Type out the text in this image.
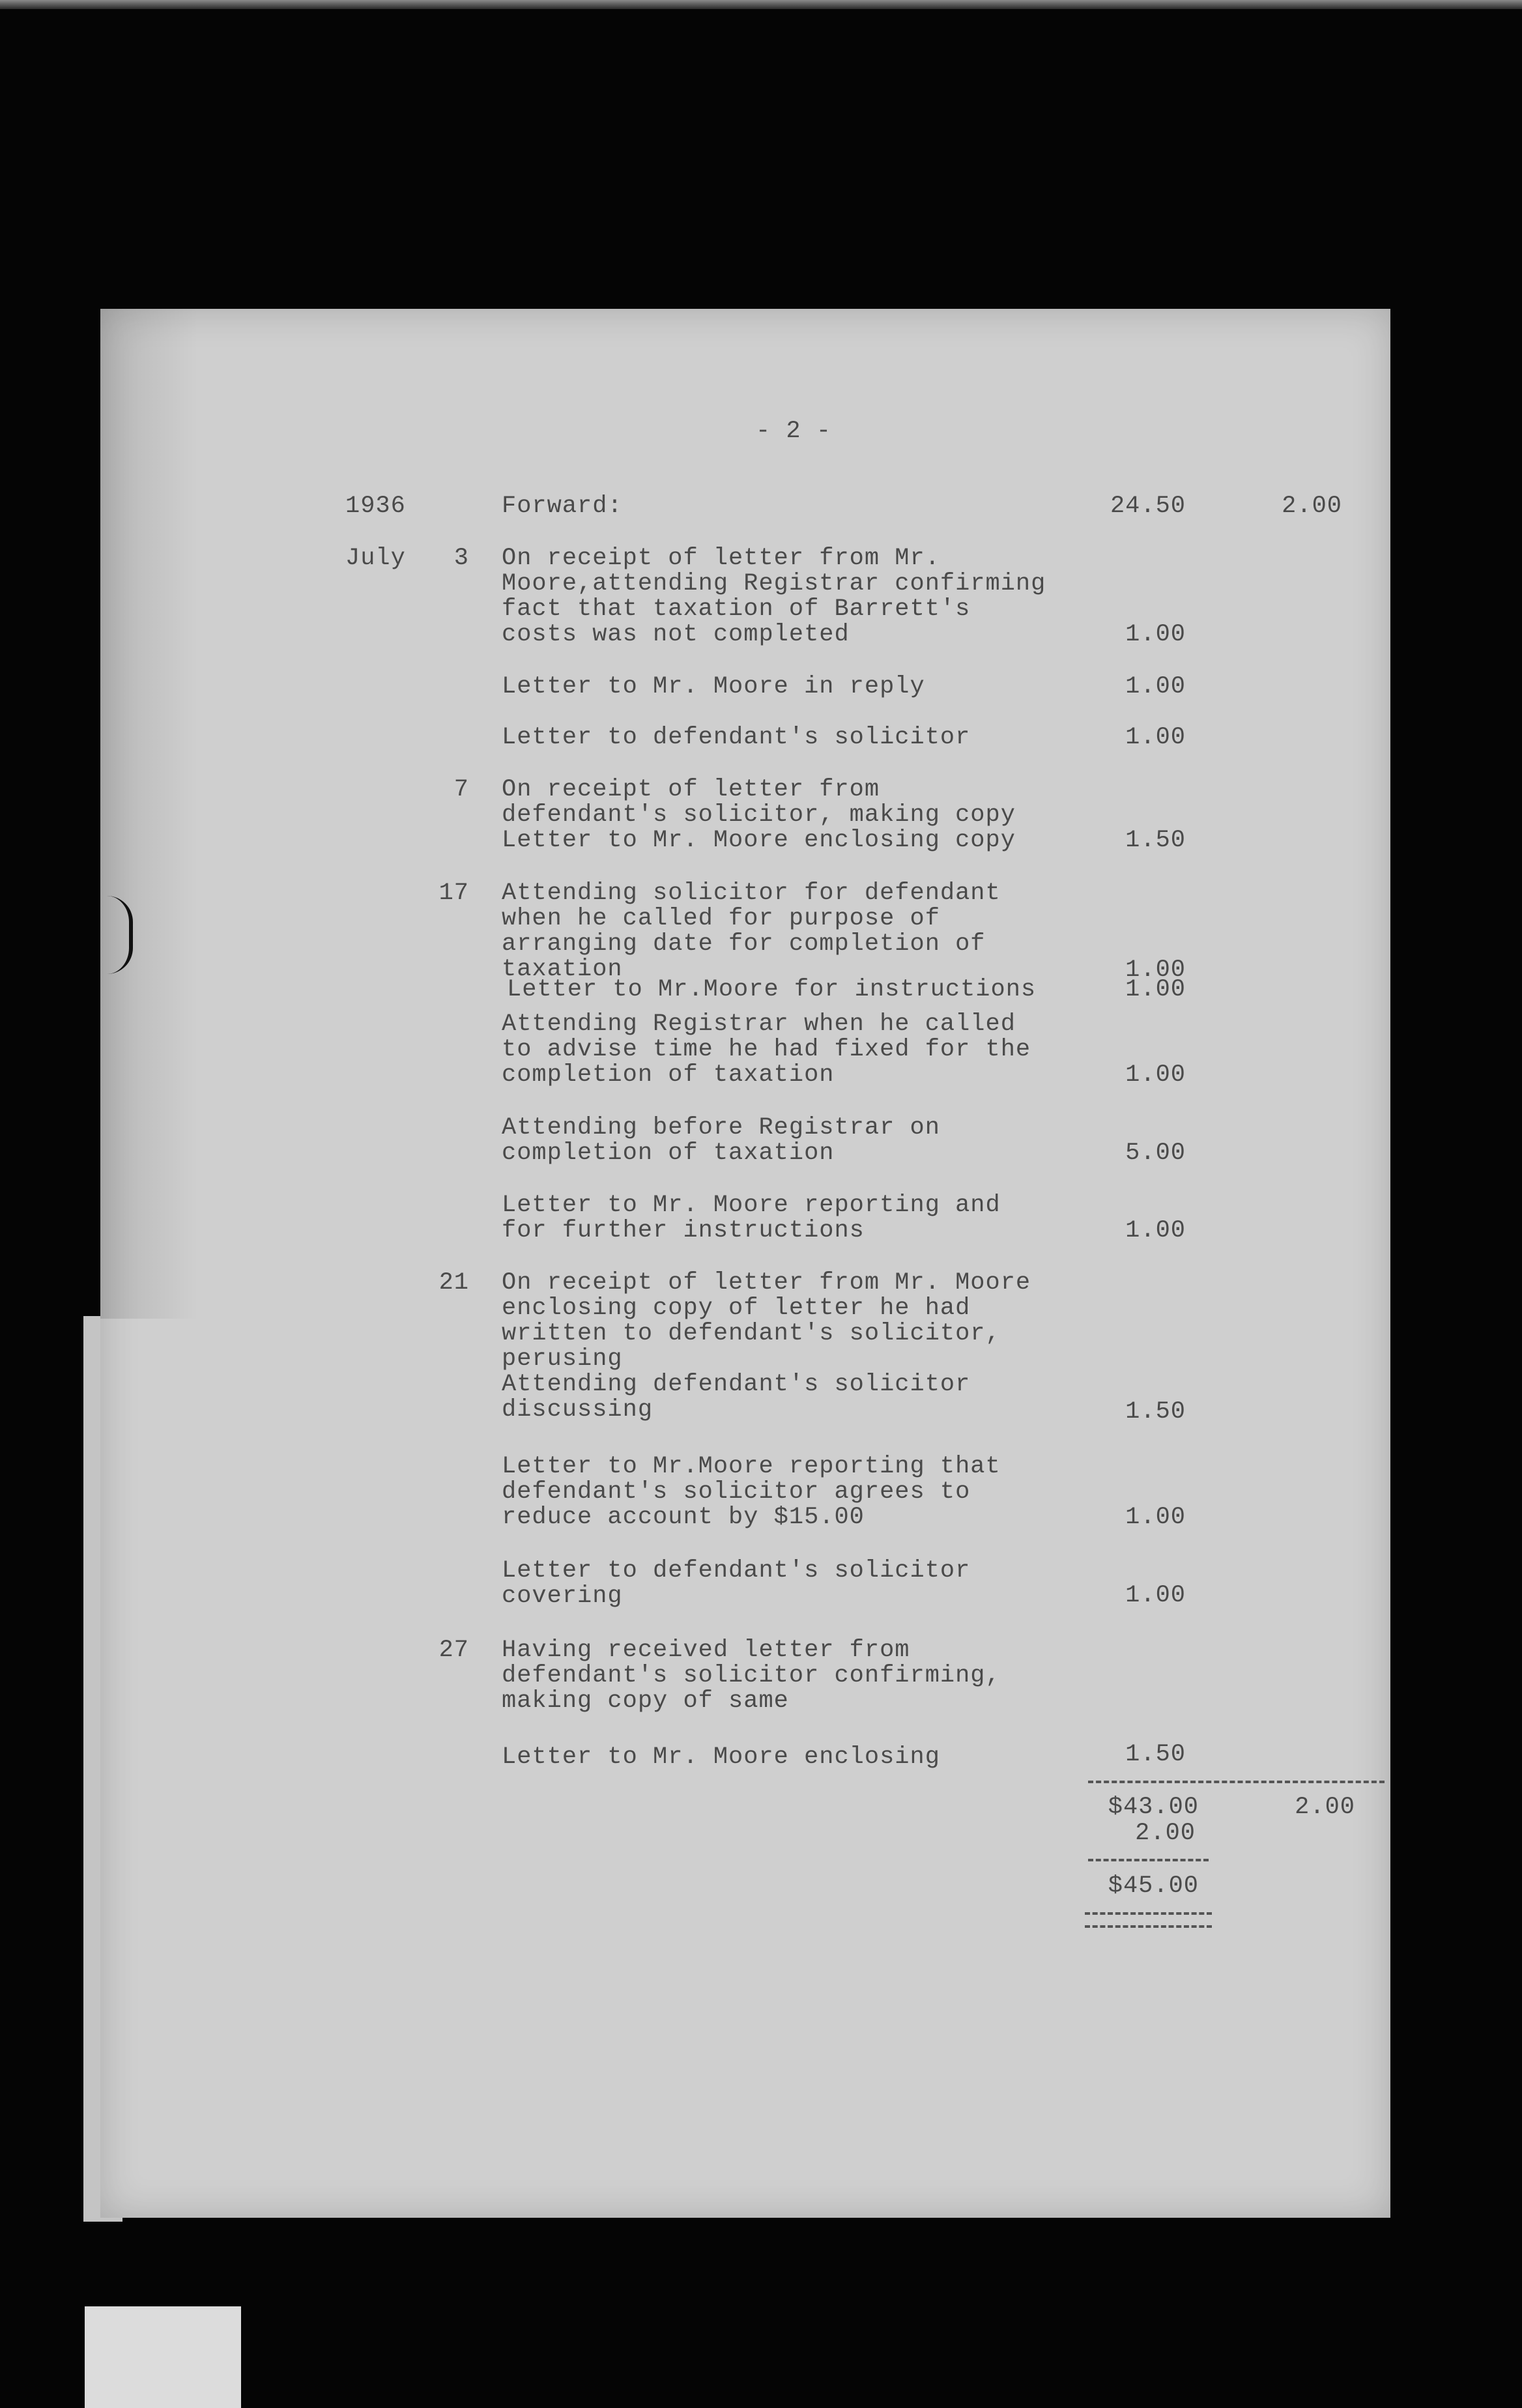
- 2 -
1936	Forward:	24.50	2.00
July	3 On receipt of letter from Mr.
Moore,attending Registrar confirming
fact that taxation of Barrett's
costs was not completed	1.00
Letter to Mr. Moore in reply	1.00
Letter to defendant's solicitor	1.00
7 On receipt of letter from
defendant's solicitor, making copy
Letter to Mr. Moore enclosing copy	1.50
17 Attending solicitor for defendant
when he called for purpose of
arranging date for completion of
taxation	1.00
Letter to Mr.Moore for instructions	1.00
Attending Registrar when he called
to advise time he had fixed for the
completion of taxation	1.00
Attending before Registrar on
completion of taxation	5.00
Letter to Mr. Moore reporting and
for further instructions	1.00
21 On receipt of letter from Mr. Moore
enclosing copy of letter he had
written to defendant's solicitor,
perusing
Attending defendant's solicitor
discussing	1.50
Letter to Mr.Moore reporting that
defendant's solicitor agrees to
reduce account by $15.00	1.00
Letter to defendant's solicitor
covering	1.00
27 Having received letter from
defendant's solicitor confirming,
making copy of same
Letter to Mr. Moore enclosing	1.50
$43.00	2.00
2.00
$45.00
